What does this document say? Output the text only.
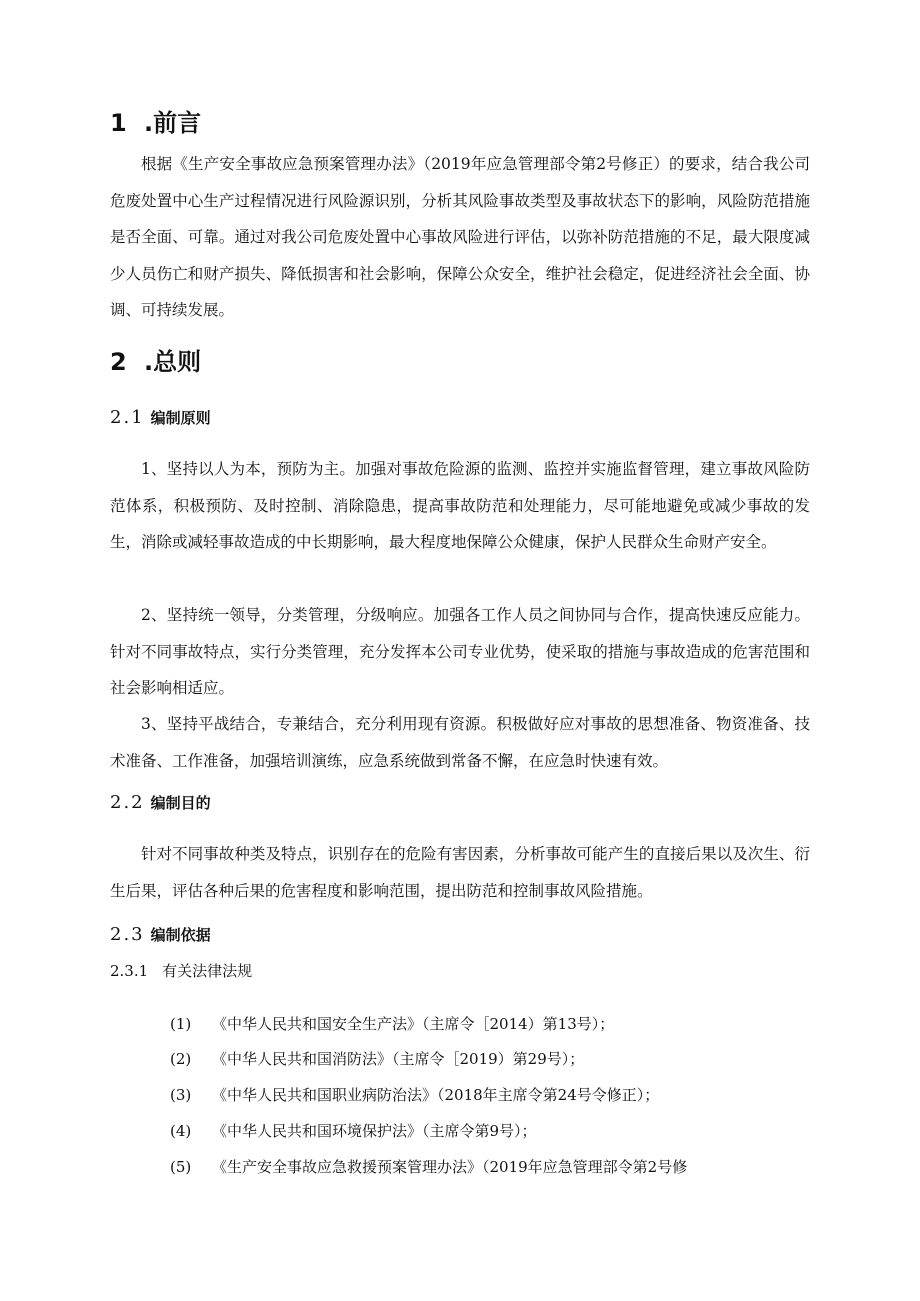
1 .前言

根据《生产安全事故应急预案管理办法》（2019年应急管理部令第2号修正）的要求，结合我公司危废处置中心生产过程情况进行风险源识别，分析其风险事故类型及事故状态下的影响，风险防范措施是否全面、可靠。通过对我公司危废处置中心事故风险进行评估，以弥补防范措施的不足，最大限度减少人员伤亡和财产损失、降低损害和社会影响，保障公众安全，维护社会稳定，促进经济社会全面、协调、可持续发展。

2 .总则
2.1 编制原则

1、坚持以人为本，预防为主。加强对事故危险源的监测、监控并实施监督管理，建立事故风险防范体系，积极预防、及时控制、消除隐患，提高事故防范和处理能力，尽可能地避免或减少事故的发生，消除或减轻事故造成的中长期影响，最大程度地保障公众健康，保护人民群众生命财产安全。

2、坚持统一领导，分类管理，分级响应。加强各工作人员之间协同与合作，提高快速反应能力。针对不同事故特点，实行分类管理，充分发挥本公司专业优势，使采取的措施与事故造成的危害范围和社会影响相适应。

3、坚持平战结合，专兼结合，充分利用现有资源。积极做好应对事故的思想准备、物资准备、技术准备、工作准备，加强培训演练，应急系统做到常备不懈，在应急时快速有效。

2.2 编制目的

针对不同事故种类及特点，识别存在的危险有害因素，分析事故可能产生的直接后果以及次生、衍生后果，评估各种后果的危害程度和影响范围，提出防范和控制事故风险措施。

2.3 编制依据
2.3.1 有关法律法规
(1) 《中华人民共和国安全生产法》（主席令［2014）第13号）；
(2) 《中华人民共和国消防法》（主席令［2019）第29号）；
(3) 《中华人民共和国职业病防治法》（2018年主席令第24号令修正）；
(4) 《中华人民共和国环境保护法》（主席令第9号）；
(5) 《生产安全事故应急救援预案管理办法》（2019年应急管理部令第2号修
